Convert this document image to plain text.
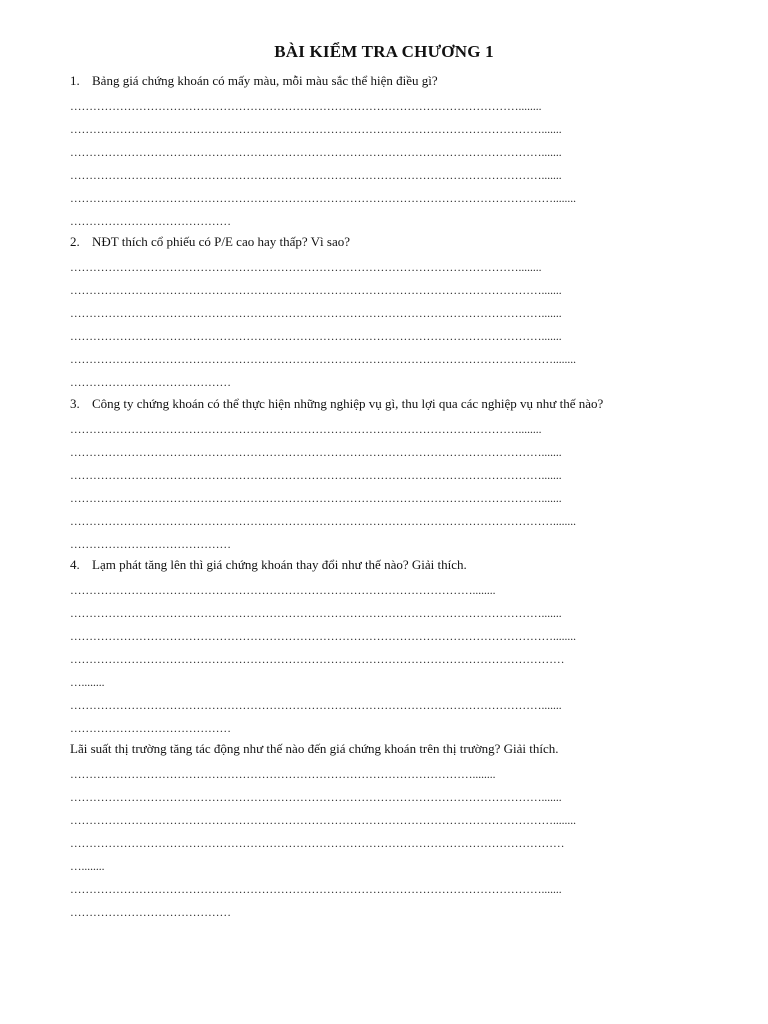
BÀI KIỂM TRA CHƯƠNG 1
1. Bảng giá chứng khoán có mấy màu, mỗi màu sắc thể hiện điều gì?
………………………………………………………………………………………………………........
…………………………………………………………………………………………………………….......
…………………………………………………………………………………………………………….......
…………………………………………………………………………………………………………….......
………………………………………………………………………………………………………………........
……………………………………
2. NĐT thích cổ phiếu có P/E cao hay thấp? Vì sao?
………………………………………………………………………………………………………........
…………………………………………………………………………………………………………….......
…………………………………………………………………………………………………………….......
…………………………………………………………………………………………………………….......
………………………………………………………………………………………………………………........
……………………………………
3. Công ty chứng khoán có thể thực hiện những nghiệp vụ gì, thu lợi qua các nghiệp vụ như thế nào?
………………………………………………………………………………………………………........
…………………………………………………………………………………………………………….......
…………………………………………………………………………………………………………….......
…………………………………………………………………………………………………………….......
………………………………………………………………………………………………………………........
……………………………………
4. Lạm phát tăng lên thì giá chứng khoán thay đổi như thế nào? Giải thích.
……………………………………………………………………………………………........
…………………………………………………………………………………………………………….......
………………………………………………………………………………………………………………........
…………………………………………………………………………………………………………………
…........
…………………………………………………………………………………………………………….......
……………………………………
Lãi suất thị trường tăng tác động như thế nào đến giá chứng khoán trên thị trường? Giải thích.
……………………………………………………………………………………………........
…………………………………………………………………………………………………………….......
………………………………………………………………………………………………………………........
…………………………………………………………………………………………………………………
…........
…………………………………………………………………………………………………………….......
……………………………………
